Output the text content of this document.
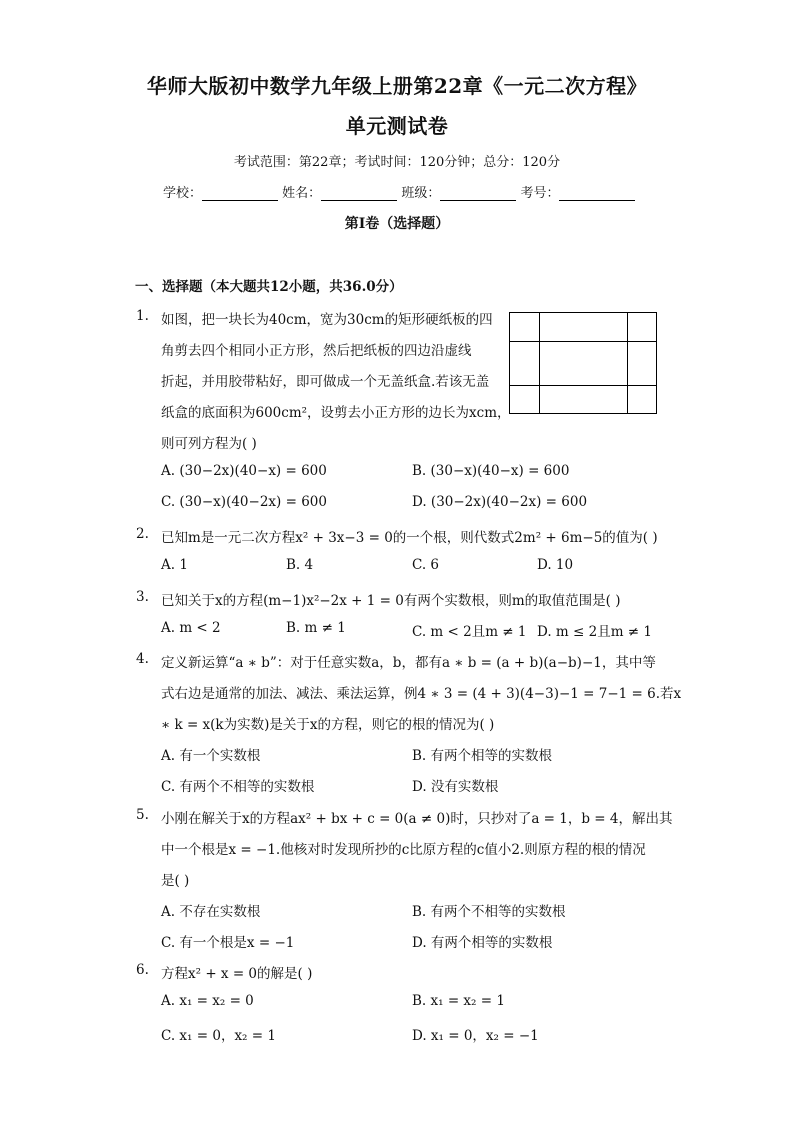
华师大版初中数学九年级上册第22章《一元二次方程》
单元测试卷
考试范围：第22章；考试时间：120分钟；总分：120分
学校：	姓名：	班级：	考号：
第I卷（选择题）
一、选择题（本大题共12小题，共36.0分）
1. 如图，把一块长为40cm，宽为30cm的矩形硬纸板的四
角剪去四个相同小正方形，然后把纸板的四边沿虚线
折起，并用胶带粘好，即可做成一个无盖纸盒.若该无盖
纸盒的底面积为600cm²，设剪去小正方形的边长为xcm，
则可列方程为( )
A. (30−2x)(40−x) = 600	B. (30−x)(40−x) = 600
C. (30−x)(40−2x) = 600	D. (30−2x)(40−2x) = 600
2. 已知m是一元二次方程x² + 3x−3 = 0的一个根，则代数式2m² + 6m−5的值为( )
A. 1	B. 4	C. 6	D. 10
3. 已知关于x的方程(m−1)x²−2x + 1 = 0有两个实数根，则m的取值范围是( )
A. m < 2	B. m ≠ 1	C. m < 2且m ≠ 1 D. m ≤ 2且m ≠ 1
4. 定义新运算“a ∗ b”：对于任意实数a，b，都有a ∗ b = (a + b)(a−b)−1，其中等
式右边是通常的加法、减法、乘法运算，例4 ∗ 3 = (4 + 3)(4−3)−1 = 7−1 = 6.若x
∗ k = x(k为实数)是关于x的方程，则它的根的情况为( )
A. 有一个实数根	B. 有两个相等的实数根
C. 有两个不相等的实数根	D. 没有实数根
5. 小刚在解关于x的方程ax² + bx + c = 0(a ≠ 0)时，只抄对了a = 1，b = 4，解出其
中一个根是x = −1.他核对时发现所抄的c比原方程的c值小2.则原方程的根的情况
是( )
A. 不存在实数根	B. 有两个不相等的实数根
C. 有一个根是x = −1	D. 有两个相等的实数根
6. 方程x² + x = 0的解是( )
A. x₁ = x₂ = 0	B. x₁ = x₂ = 1
C. x₁ = 0，x₂ = 1	D. x₁ = 0，x₂ = −1
